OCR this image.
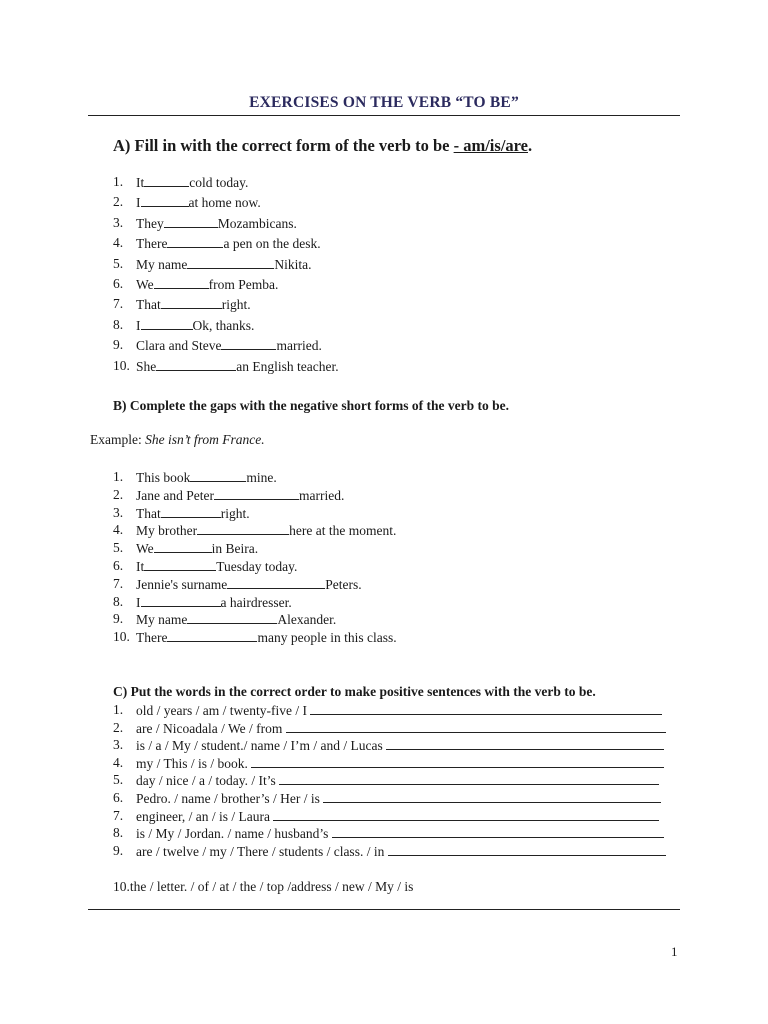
EXERCISES ON THE VERB “TO BE”
A) Fill in with the correct form of the verb to be - am/is/are.
1. It	cold today.
2. I	at home now.
3. They	Mozambicans.
4. There	a pen on the desk.
5. My name	Nikita.
6. We	from Pemba.
7. That	right.
8. I	Ok, thanks.
9. Clara and Steve	married.
10. She	an English teacher.
B) Complete the gaps with the negative short forms of the verb to be.
Example: She isn’t from France.
1. This book	mine.
2. Jane and Peter	married.
3. That	right.
4. My brother	here at the moment.
5. We	in Beira.
6. It	Tuesday today.
7. Jennie's surname	Peters.
8. I	a hairdresser.
9. My name	Alexander.
10. There	many people in this class.
C) Put the words in the correct order to make positive sentences with the verb to be.
1. old / years / am / twenty-five / I
2. are / Nicoadala / We / from
3. is / a / My / student./ name / I’m / and / Lucas
4. my / This / is / book.
5. day / nice / a / today. / It’s
6. Pedro. / name / brother’s / Her / is
7. engineer, / an / is / Laura
8. is / My / Jordan. / name / husband’s
9. are / twelve / my / There / students / class. / in
10.the / letter. / of / at / the / top /address / new / My / is
1
